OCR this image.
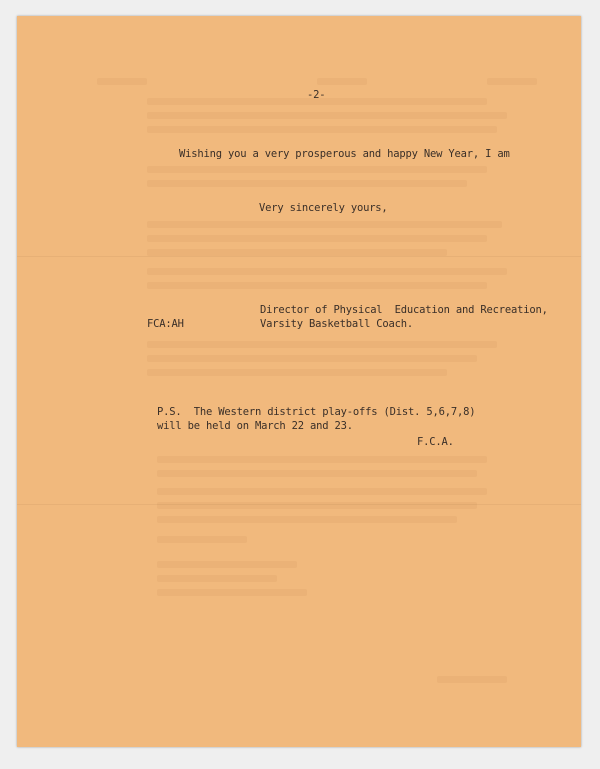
-2-
Wishing you a very prosperous and happy New Year, I am
Very sincerely yours,
Director of Physical  Education and Recreation,
Varsity Basketball Coach.
FCA:AH
P.S.  The Western district play-offs (Dist. 5,6,7,8)
will be held on March 22 and 23.
F.C.A.
